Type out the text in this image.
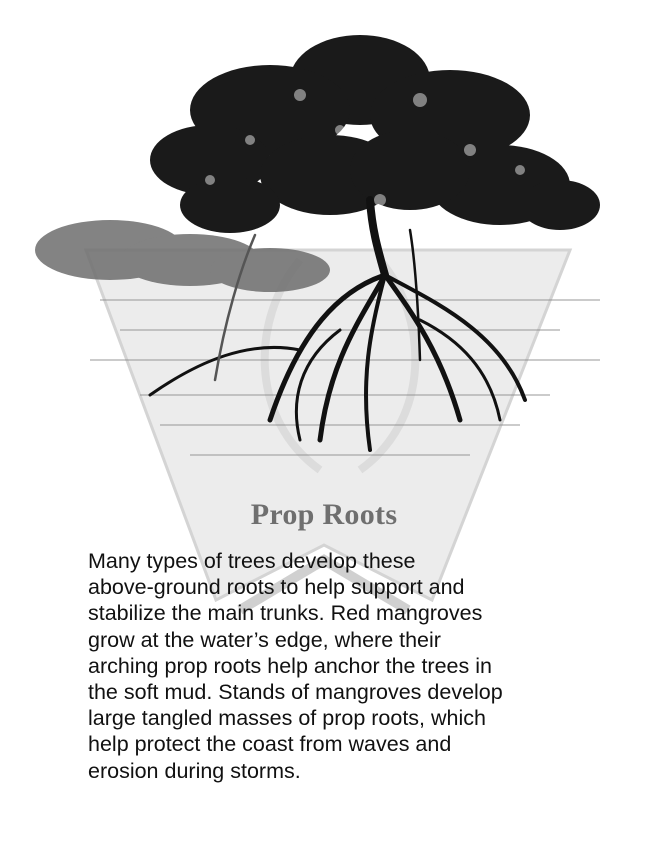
Prop Roots
Many types of trees develop these
above-ground roots to help support and
stabilize the main trunks. Red mangroves
grow at the water’s edge, where their
arching prop roots help anchor the trees in
the soft mud. Stands of mangroves develop
large tangled masses of prop roots, which
help protect the coast from waves and
erosion during storms.
